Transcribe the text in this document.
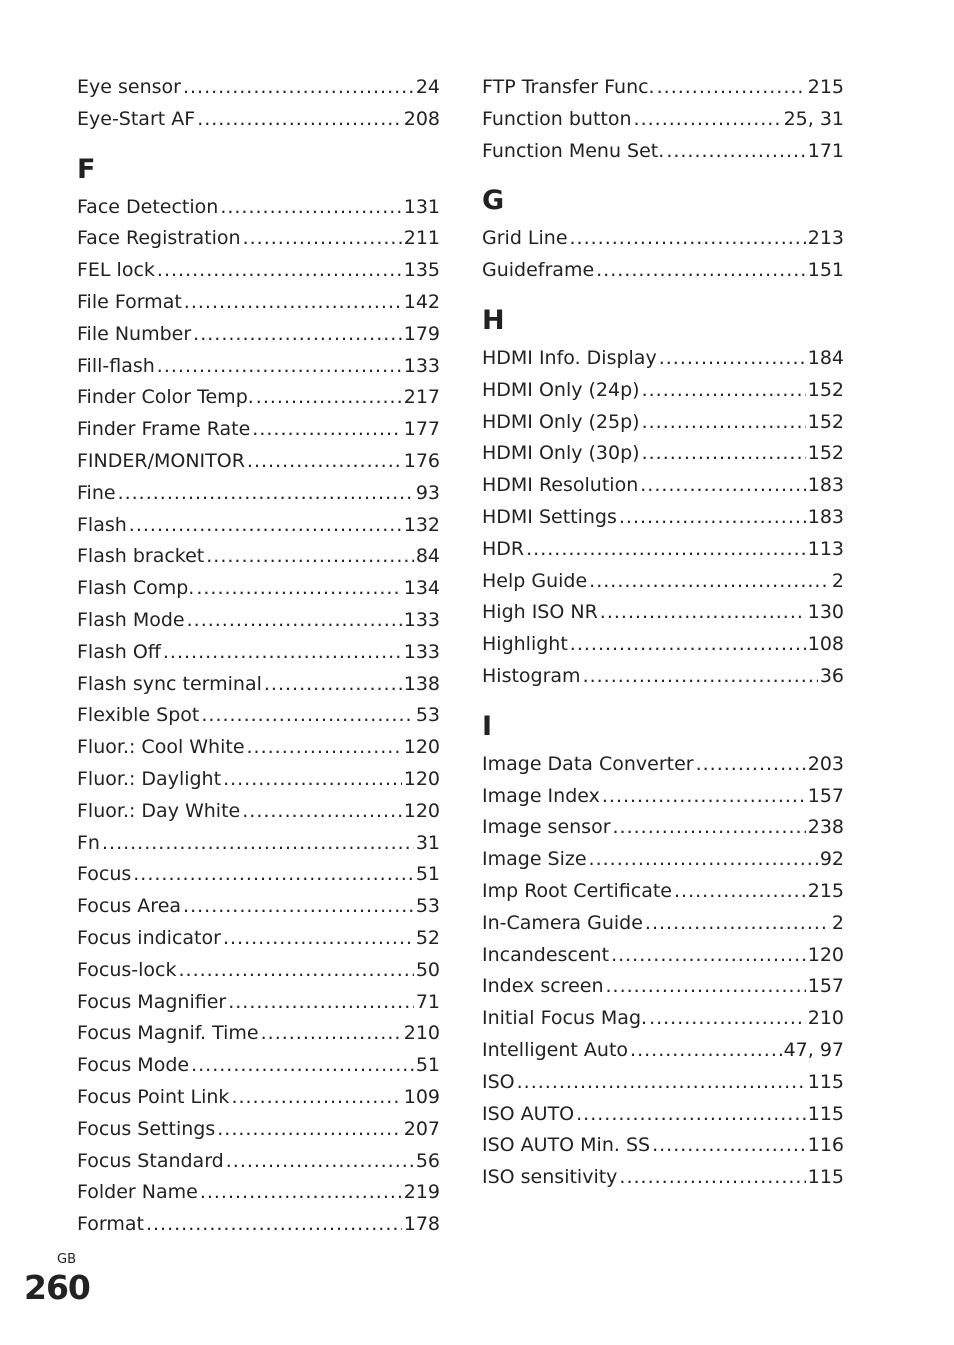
Eye sensor .....	24
Eye-Start AF .....	208
F
Face Detection .....	131
Face Registration .....	211
FEL lock .....	135
File Format .....	142
File Number .....	179
Fill-flash .....	133
Finder Color Temp. .....	217
Finder Frame Rate .....	177
FINDER/MONITOR .....	176
Fine .....	93
Flash .....	132
Flash bracket .....	84
Flash Comp. .....	134
Flash Mode .....	133
Flash Off .....	133
Flash sync terminal .....	138
Flexible Spot .....	53
Fluor.: Cool White .....	120
Fluor.: Daylight .....	120
Fluor.: Day White .....	120
Fn .....	31
Focus .....	51
Focus Area .....	53
Focus indicator .....	52
Focus-lock .....	50
Focus Magnifier .....	71
Focus Magnif. Time .....	210
Focus Mode .....	51
Focus Point Link .....	109
Focus Settings .....	207
Focus Standard .....	56
Folder Name .....	219
Format .....	178
FTP Transfer Func. .....	215
Function button .....	25, 31
Function Menu Set. .....	171
G
Grid Line .....	213
Guideframe .....	151
H
HDMI Info. Display .....	184
HDMI Only (24p) .....	152
HDMI Only (25p) .....	152
HDMI Only (30p) .....	152
HDMI Resolution .....	183
HDMI Settings .....	183
HDR .....	113
Help Guide .....	2
High ISO NR .....	130
Highlight .....	108
Histogram .....	36
I
Image Data Converter .....	203
Image Index .....	157
Image sensor .....	238
Image Size .....	92
Imp Root Certificate .....	215
In-Camera Guide .....	2
Incandescent .....	120
Index screen .....	157
Initial Focus Mag. .....	210
Intelligent Auto .....	47, 97
ISO .....	115
ISO AUTO .....	115
ISO AUTO Min. SS .....	116
ISO sensitivity .....	115
GB
260
